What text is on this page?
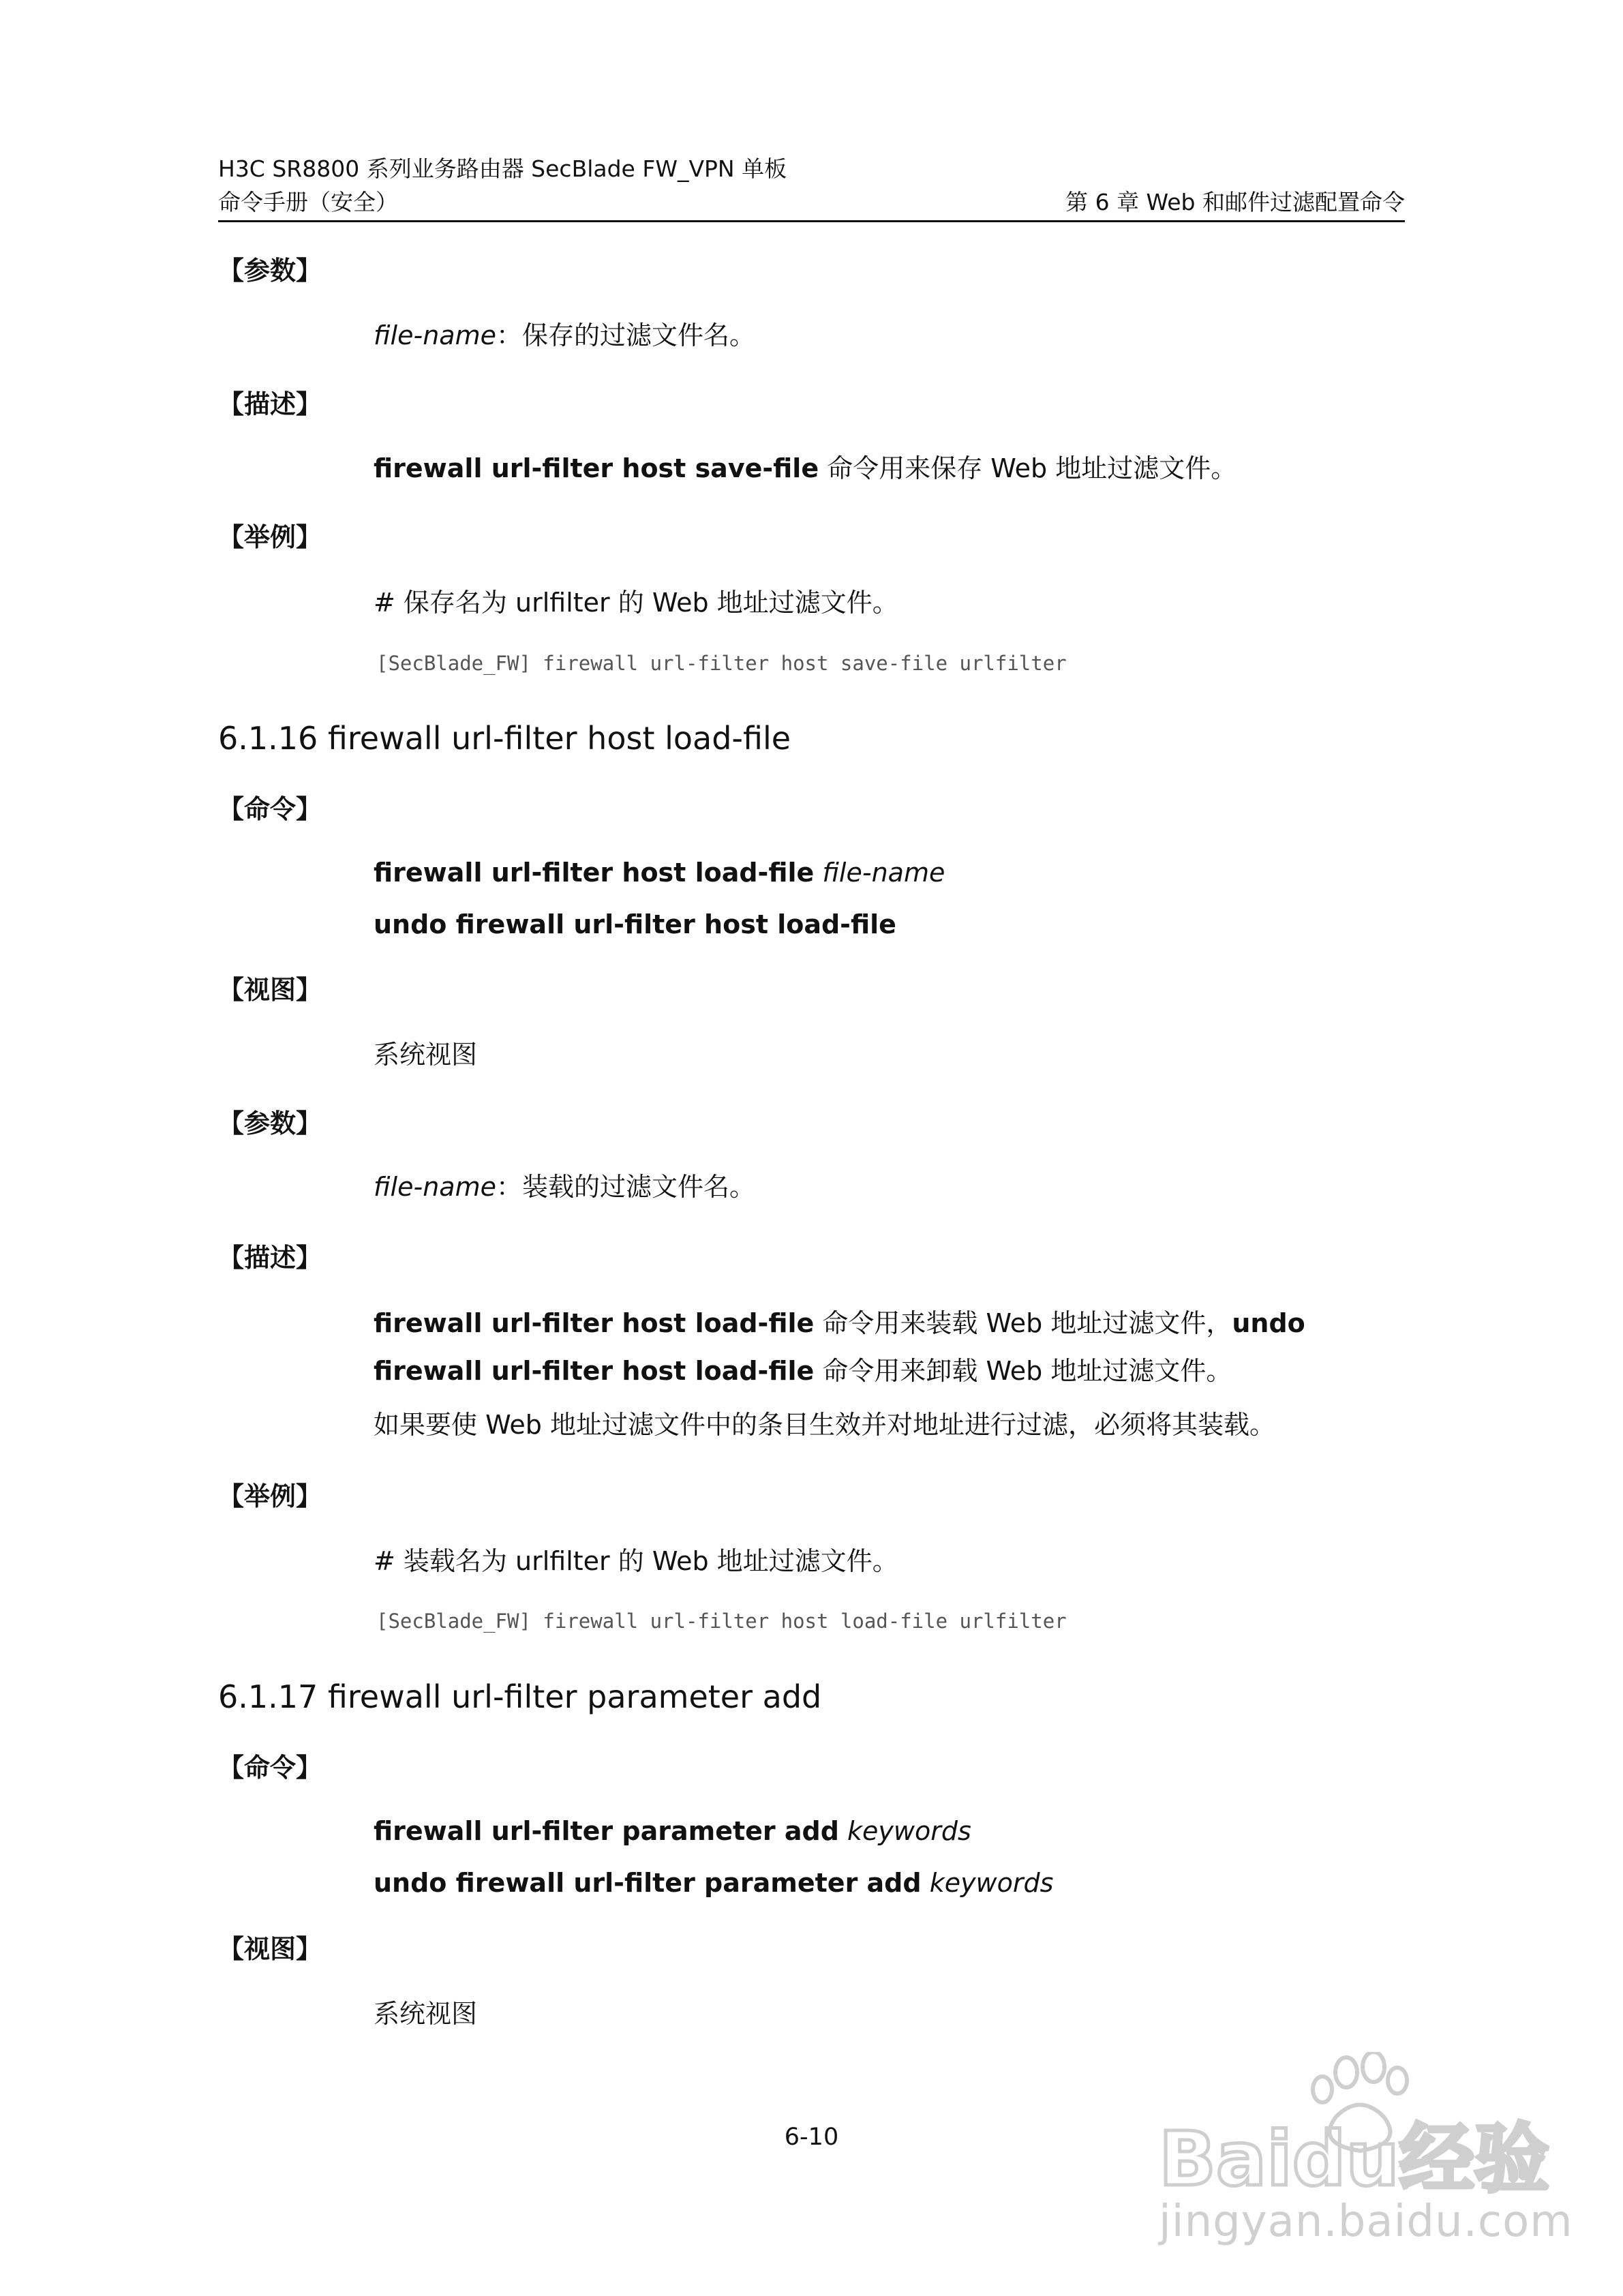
H3C SR8800 系列业务路由器 SecBlade FW_VPN 单板
命令手册（安全）	第 6 章 Web 和邮件过滤配置命令
【参数】
file-name：保存的过滤文件名。
【描述】
firewall url-filter host save-file 命令用来保存 Web 地址过滤文件。
【举例】
# 保存名为 urlfilter 的 Web 地址过滤文件。
[SecBlade_FW] firewall url-filter host save-file urlfilter
6.1.16 firewall url-filter host load-file
【命令】
firewall url-filter host load-file file-name
undo firewall url-filter host load-file
【视图】
系统视图
【参数】
file-name：装载的过滤文件名。
【描述】
firewall url-filter host load-file 命令用来装载 Web 地址过滤文件，undo firewall url-filter host load-file 命令用来卸载 Web 地址过滤文件。
如果要使 Web 地址过滤文件中的条目生效并对地址进行过滤，必须将其装载。
【举例】
# 装载名为 urlfilter 的 Web 地址过滤文件。
[SecBlade_FW] firewall url-filter host load-file urlfilter
6.1.17 firewall url-filter parameter add
【命令】
firewall url-filter parameter add keywords
undo firewall url-filter parameter add keywords
【视图】
系统视图
6-10	Baidu经验
jingyan.baidu.com
